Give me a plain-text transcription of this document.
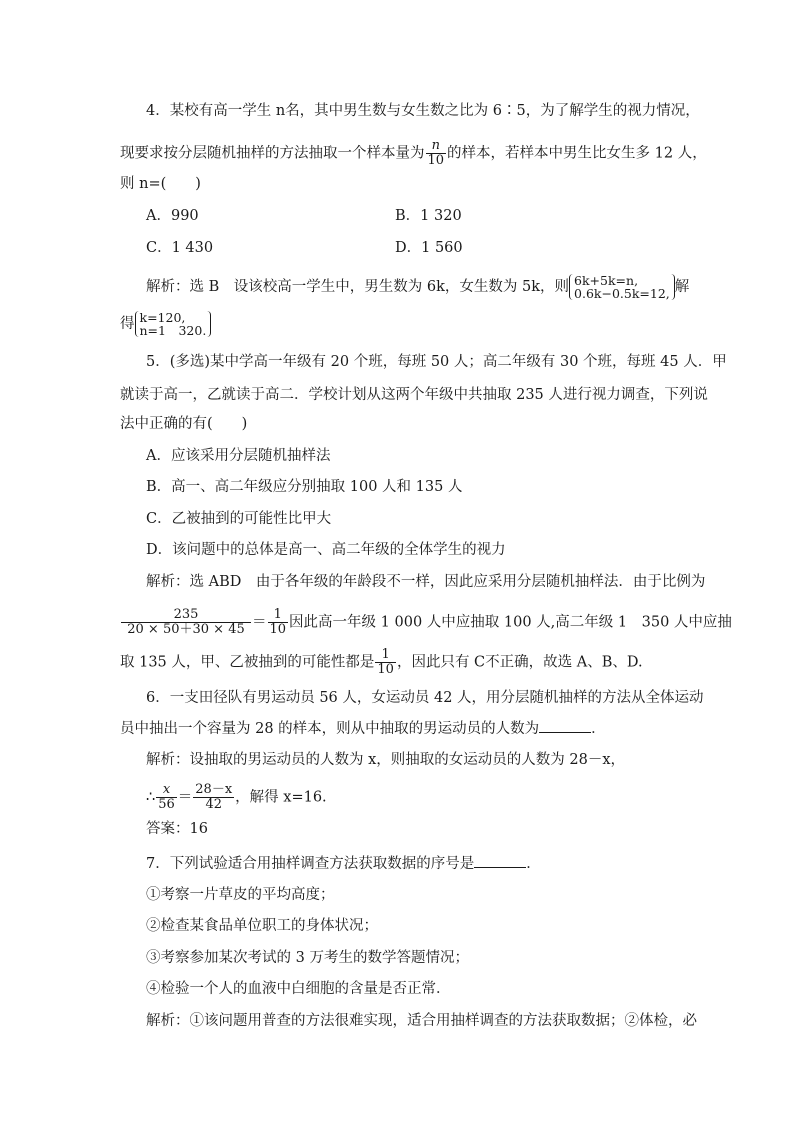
4．某校有高一学生 n名，其中男生数与女生数之比为 6∶5，为了解学生的视力情况，
现要求按分层随机抽样的方法抽取一个样本量为 $\frac{n}{10}$ 的样本，若样本中男生比女生多 12 人，
则 n=(　　)
A．990	B．1 320
C．1 430	D．1 560
解析：选 B　设该校高一学生中，男生数为 6k，女生数为 5k，则 6k+5k=n,
0.6k−0.5k=12, 解
得 k=120,
n=1　320.
5．(多选)某中学高一年级有 20 个班，每班 50 人；高二年级有 30 个班，每班 45 人．甲
就读于高一，乙就读于高二．学校计划从这两个年级中共抽取 235 人进行视力调查，下列说
法中正确的有(　　)
A．应该采用分层随机抽样法
B．高一、高二年级应分别抽取 100 人和 135 人
C．乙被抽到的可能性比甲大
D．该问题中的总体是高一、高二年级的全体学生的视力
解析：选 ABD　由于各年级的年龄段不一样，因此应采用分层随机抽样法．由于比例为
$\frac{235}{20 \times 50+30 \times 45} = \frac{1}{10}$ 因此高一年级 1 000 人中应抽取 100 人,高二年级 1　350 人中应抽
取 135 人，甲、乙被抽到的可能性都是 $\frac{1}{10}$ ，因此只有 C不正确，故选 A、B、D.
6．一支田径队有男运动员 56 人，女运动员 42 人，用分层随机抽样的方法从全体运动
员中抽出一个容量为 28 的样本，则从中抽取的男运动员的人数为	．
解析：设抽取的男运动员的人数为 x，则抽取的女运动员的人数为 28－x，
∴ $\frac{x}{56} = \frac{28-x}{42}$ ，解得 x=16.
答案：16
7．下列试验适合用抽样调查方法获取数据的序号是	．
①考察一片草皮的平均高度；
②检查某食品单位职工的身体状况；
③考察参加某次考试的 3 万考生的数学答题情况；
④检验一个人的血液中白细胞的含量是否正常．
解析：①该问题用普查的方法很难实现，适合用抽样调查的方法获取数据；②体检，必
